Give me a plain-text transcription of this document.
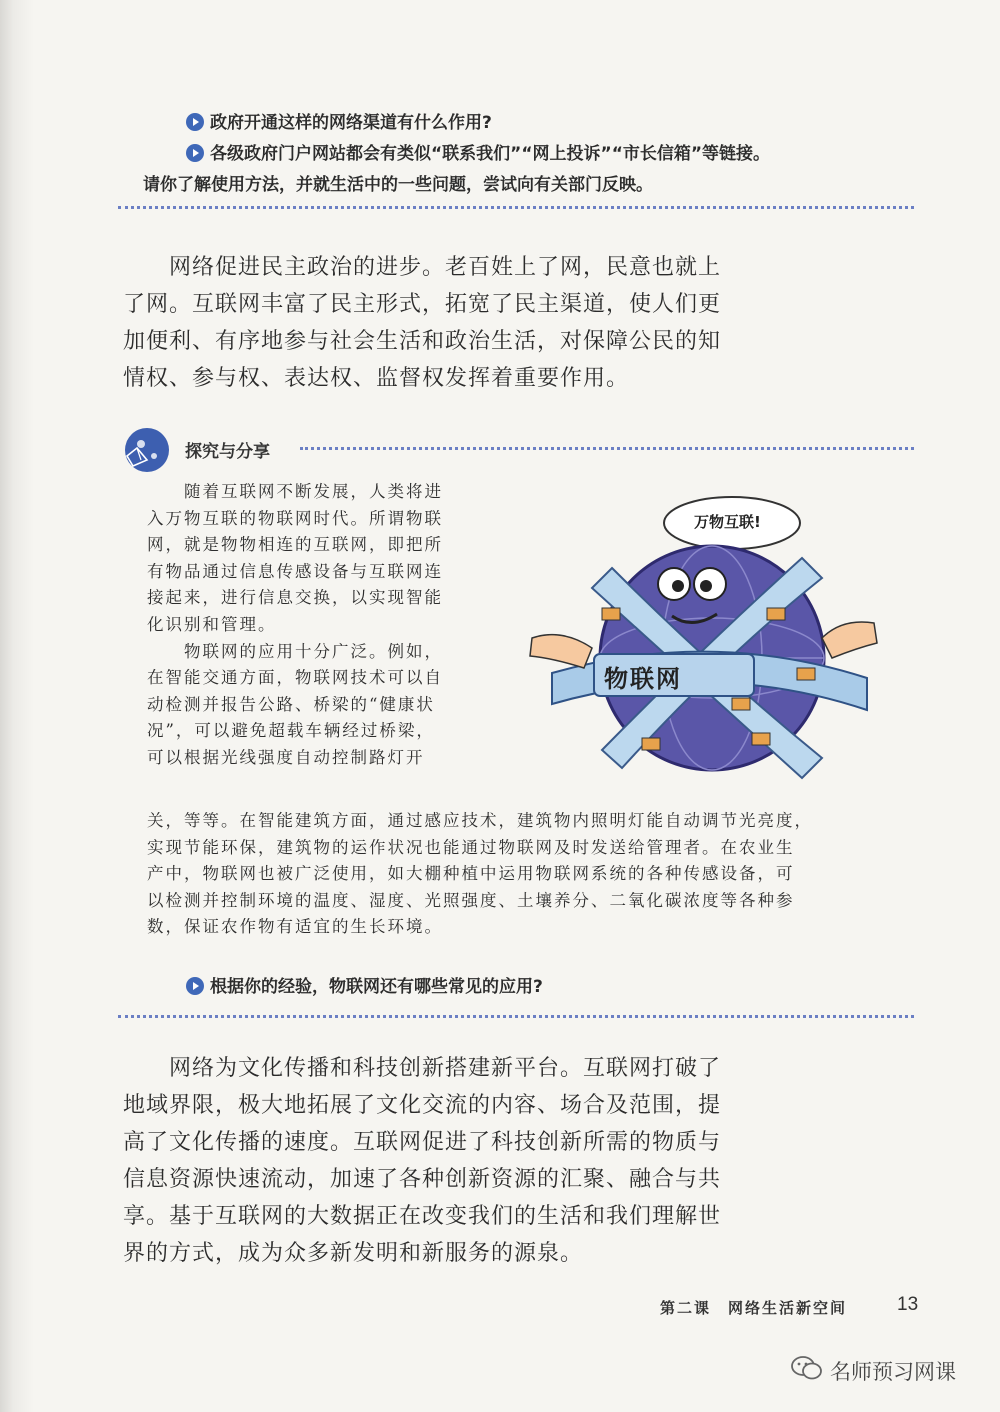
政府开通这样的网络渠道有什么作用?
各级政府门户网站都会有类似“联系我们”“网上投诉”“市长信箱”等链接。
请你了解使用方法，并就生活中的一些问题，尝试向有关部门反映。
网络促进民主政治的进步。老百姓上了网，民意也就上
了网。互联网丰富了民主形式，拓宽了民主渠道，使人们更
加便利、有序地参与社会生活和政治生活，对保障公民的知
情权、参与权、表达权、监督权发挥着重要作用。
探究与分享
随着互联网不断发展，人类将进
入万物互联的物联网时代。所谓物联
网，就是物物相连的互联网，即把所
有物品通过信息传感设备与互联网连
接起来，进行信息交换，以实现智能
化识别和管理。
物联网的应用十分广泛。例如，
在智能交通方面，物联网技术可以自
动检测并报告公路、桥梁的“健康状
况”，可以避免超载车辆经过桥梁，
可以根据光线强度自动控制路灯开
关，等等。在智能建筑方面，通过感应技术，建筑物内照明灯能自动调节光亮度，
实现节能环保，建筑物的运作状况也能通过物联网及时发送给管理者。在农业生
产中，物联网也被广泛使用，如大棚种植中运用物联网系统的各种传感设备，可
以检测并控制环境的温度、湿度、光照强度、土壤养分、二氧化碳浓度等各种参
数，保证农作物有适宜的生长环境。
万物互联!
物联网
根据你的经验，物联网还有哪些常见的应用?
网络为文化传播和科技创新搭建新平台。互联网打破了
地域界限，极大地拓展了文化交流的内容、场合及范围，提
高了文化传播的速度。互联网促进了科技创新所需的物质与
信息资源快速流动，加速了各种创新资源的汇聚、融合与共
享。基于互联网的大数据正在改变我们的生活和我们理解世
界的方式，成为众多新发明和新服务的源泉。
第二课　网络生活新空间	13
名师预习网课
